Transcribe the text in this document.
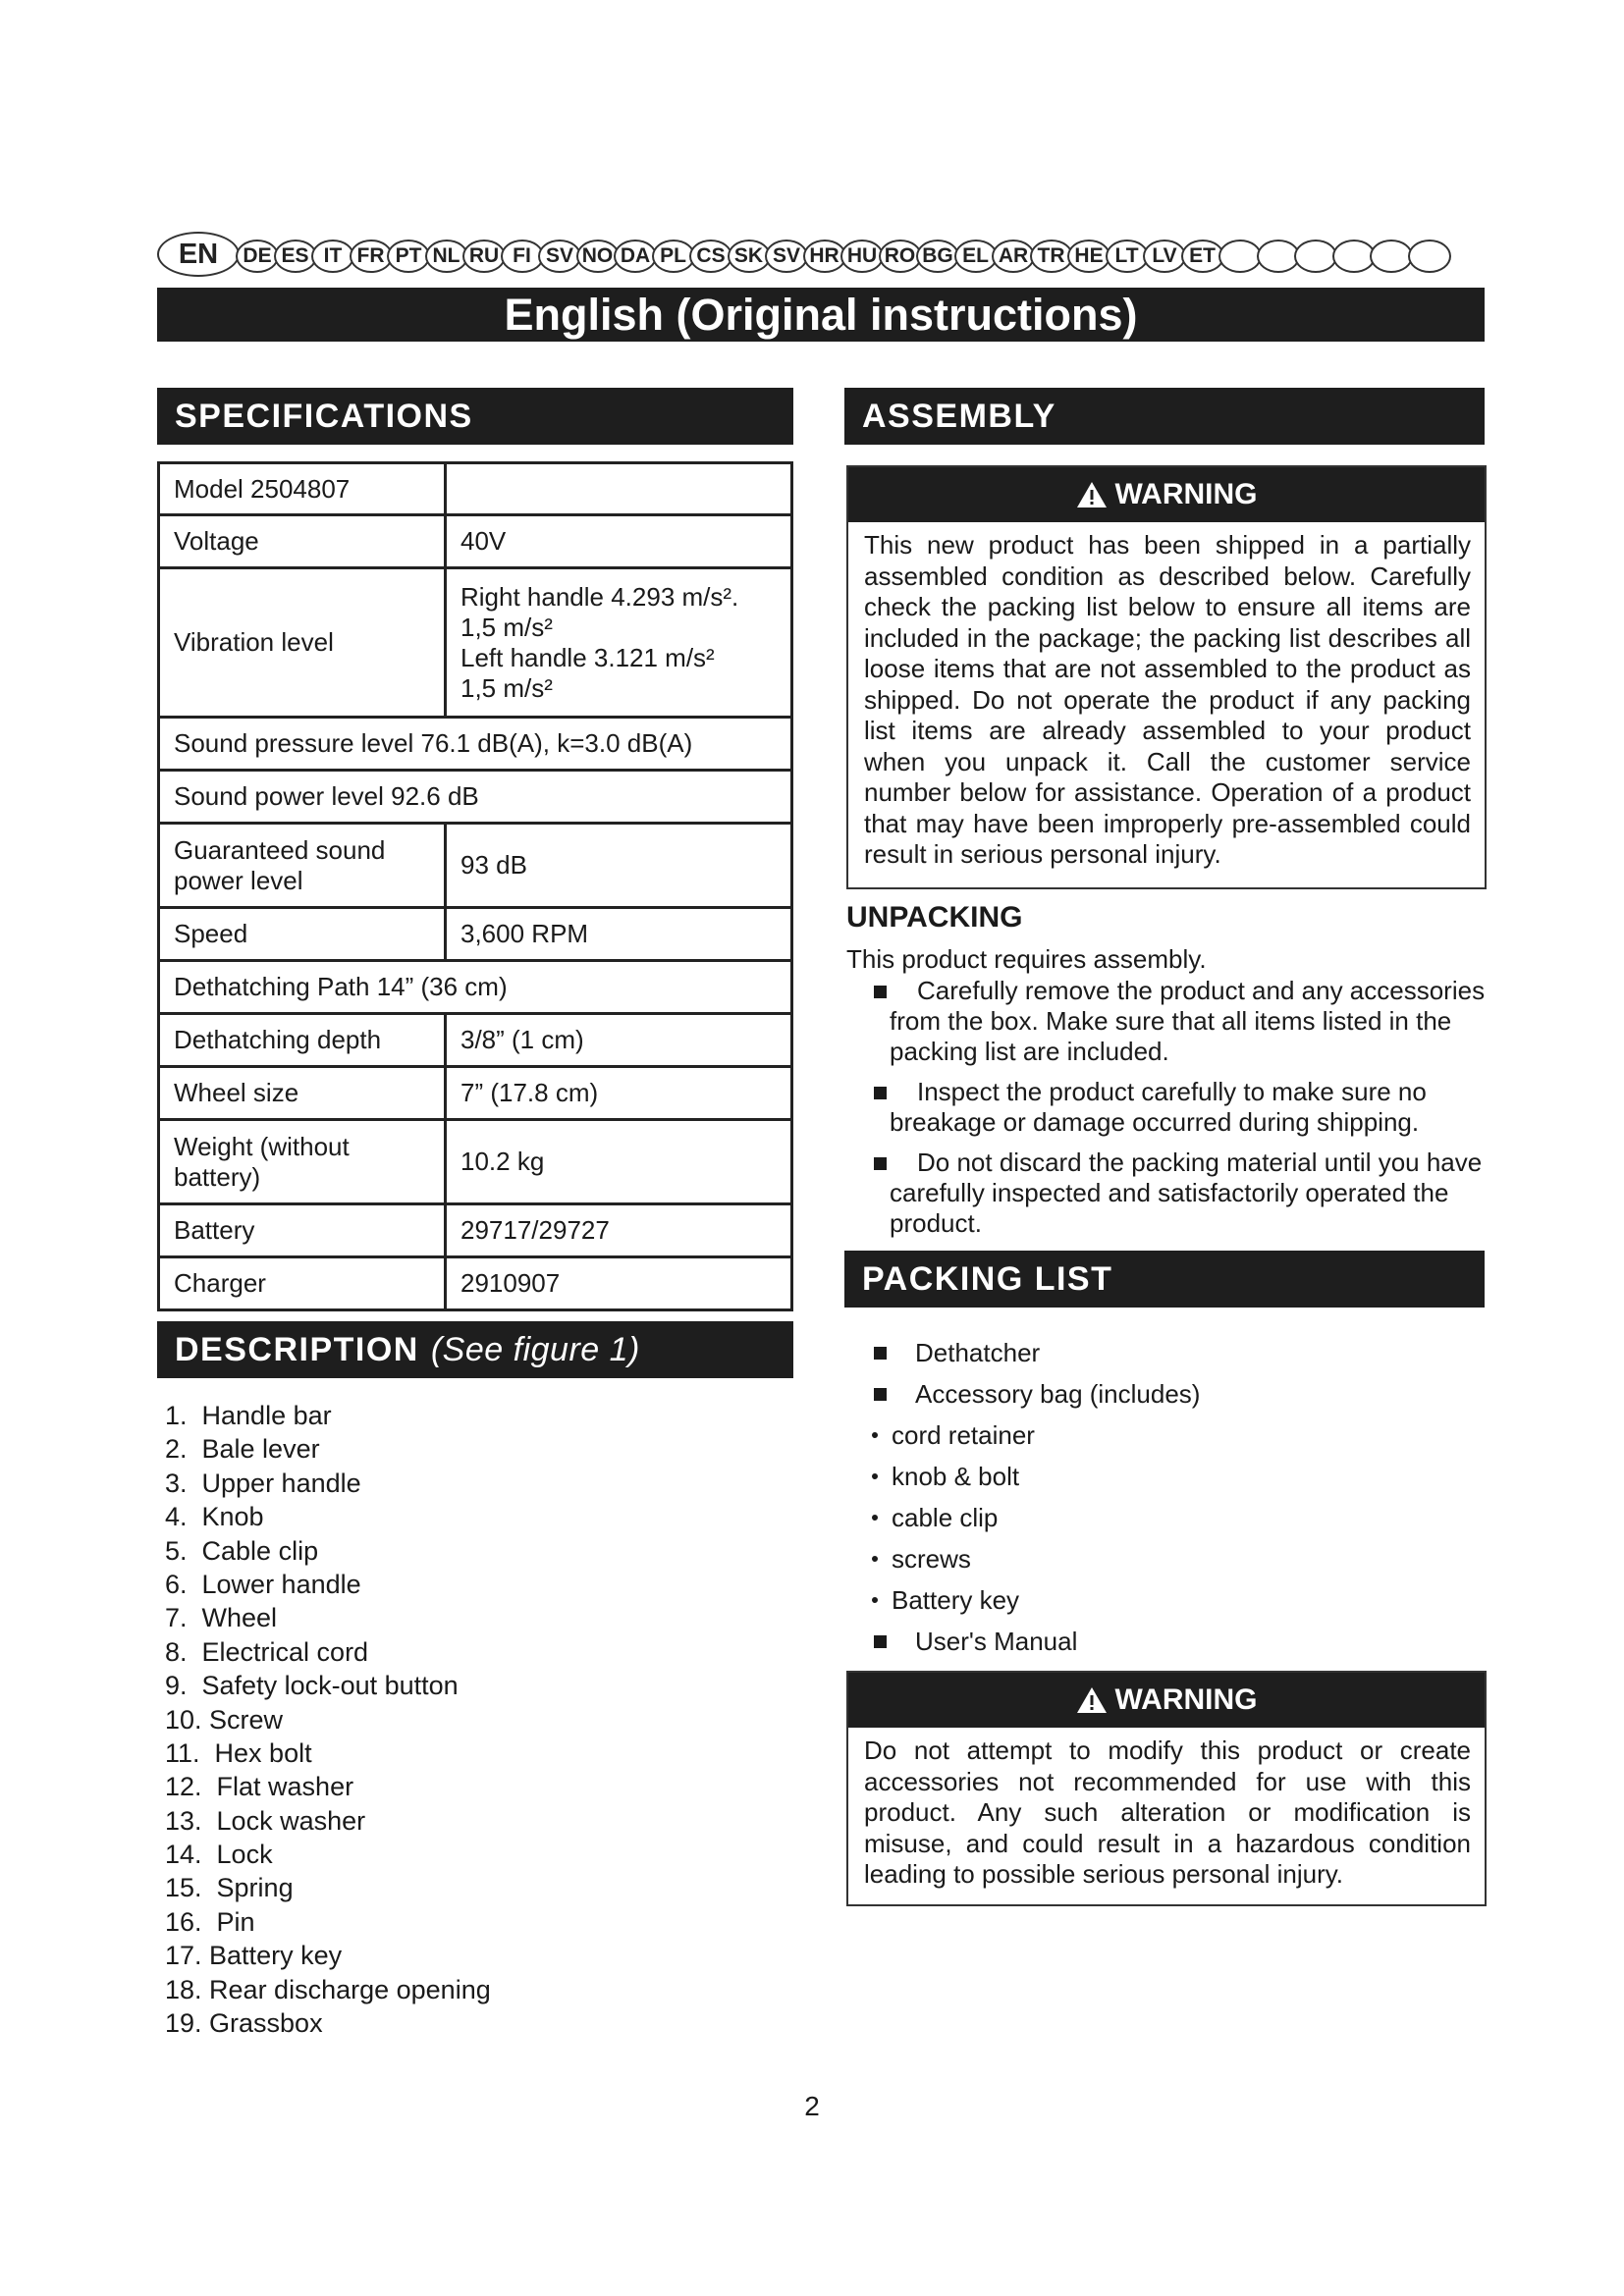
EN	DE ES IT FR PT NL RU FI SV NO DA PL CS SK SV HR HU RO BG EL AR TR HE LT LV ET
English (Original instructions)
SPECIFICATIONS
Model 2504807	
Voltage	40V
Vibration level	Right handle 4.293 m/s².
1,5 m/s²
Left handle 3.121 m/s²
1,5 m/s²

Sound pressure level 76.1 dB(A), k=3.0 dB(A)	
Sound power level 92.6 dB	
Guaranteed sound power level	93 dB
Speed	3,600 RPM
Dethatching Path 14” (36 cm)	
Dethatching depth	3/8” (1 cm)
Wheel size	7” (17.8 cm)
Weight (without battery)	10.2 kg
Battery	29717/29727
Charger	2910907
DESCRIPTION (See figure 1)
1.  Handle bar
2.  Bale lever
3.  Upper handle
4.  Knob
5.  Cable clip
6.  Lower handle
7.  Wheel
8.  Electrical cord
9.  Safety lock-out button
10. Screw
11.  Hex bolt
12.  Flat washer
13.  Lock washer
14.  Lock
15.  Spring
16.  Pin
17. Battery key
18. Rear discharge opening
19. Grassbox
ASSEMBLY
WARNING
This new product has been shipped in a partially assembled condition as described below. Carefully check the packing list below to ensure all items are included in the package; the packing list describes all loose items that are not assembled to the product as shipped. Do not operate the product if any packing list items are already assembled to your product when you unpack it. Call the customer service number below for assistance. Operation of a product that may have been improperly pre-assembled could result in serious personal injury.
UNPACKING
This product requires assembly.
Carefully remove the product and any accessories from the box. Make sure that all items listed in the packing list are included.
Inspect the product carefully to make sure no breakage or damage occurred during shipping.
Do not discard the packing material until you have carefully inspected and satisfactorily operated the product.
PACKING LIST
Dethatcher
Accessory bag (includes)
cord retainer
knob & bolt
cable clip
screws
Battery key
User's Manual
WARNING
Do not attempt to modify this product or create accessories not recommended for use with this product. Any such alteration or modification is misuse, and could result in a hazardous condition leading to possible serious personal injury.
2
